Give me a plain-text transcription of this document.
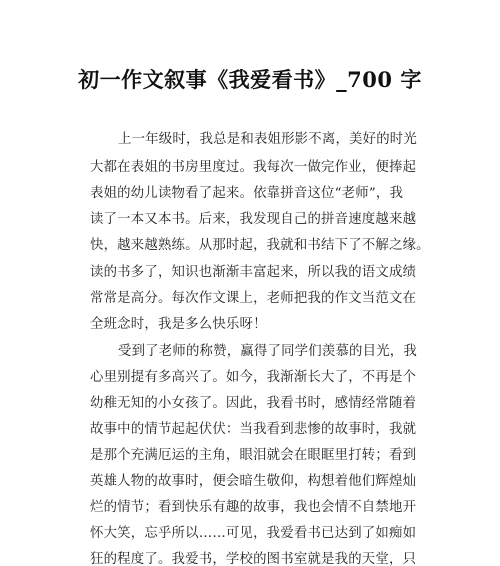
初一作文叙事《我爱看书》_700 字
上一年级时，我总是和表姐形影不离，美好的时光
大都在表姐的书房里度过。我每次一做完作业，便捧起
表姐的幼儿读物看了起来。依靠拼音这位“老师”，我
读了一本又本书。后来，我发现自己的拼音速度越来越
快，越来越熟练。从那时起，我就和书结下了不解之缘。
读的书多了，知识也渐渐丰富起来，所以我的语文成绩
常常是高分。每次作文课上，老师把我的作文当范文在
全班念时，我是多么快乐呀！
受到了老师的称赞，赢得了同学们羡慕的目光，我
心里别提有多高兴了。如今，我渐渐长大了，不再是个
幼稚无知的小女孩了。因此，我看书时，感情经常随着
故事中的情节起起伏伏：当我看到悲惨的故事时，我就
是那个充满厄运的主角，眼泪就会在眼眶里打转；看到
英雄人物的故事时，便会暗生敬仰，构想着他们辉煌灿
烂的情节；看到快乐有趣的故事，我也会情不自禁地开
怀大笑，忘乎所以……可见，我爱看书已达到了如痴如
狂的程度了。我爱书，学校的图书室就是我的天堂，只
